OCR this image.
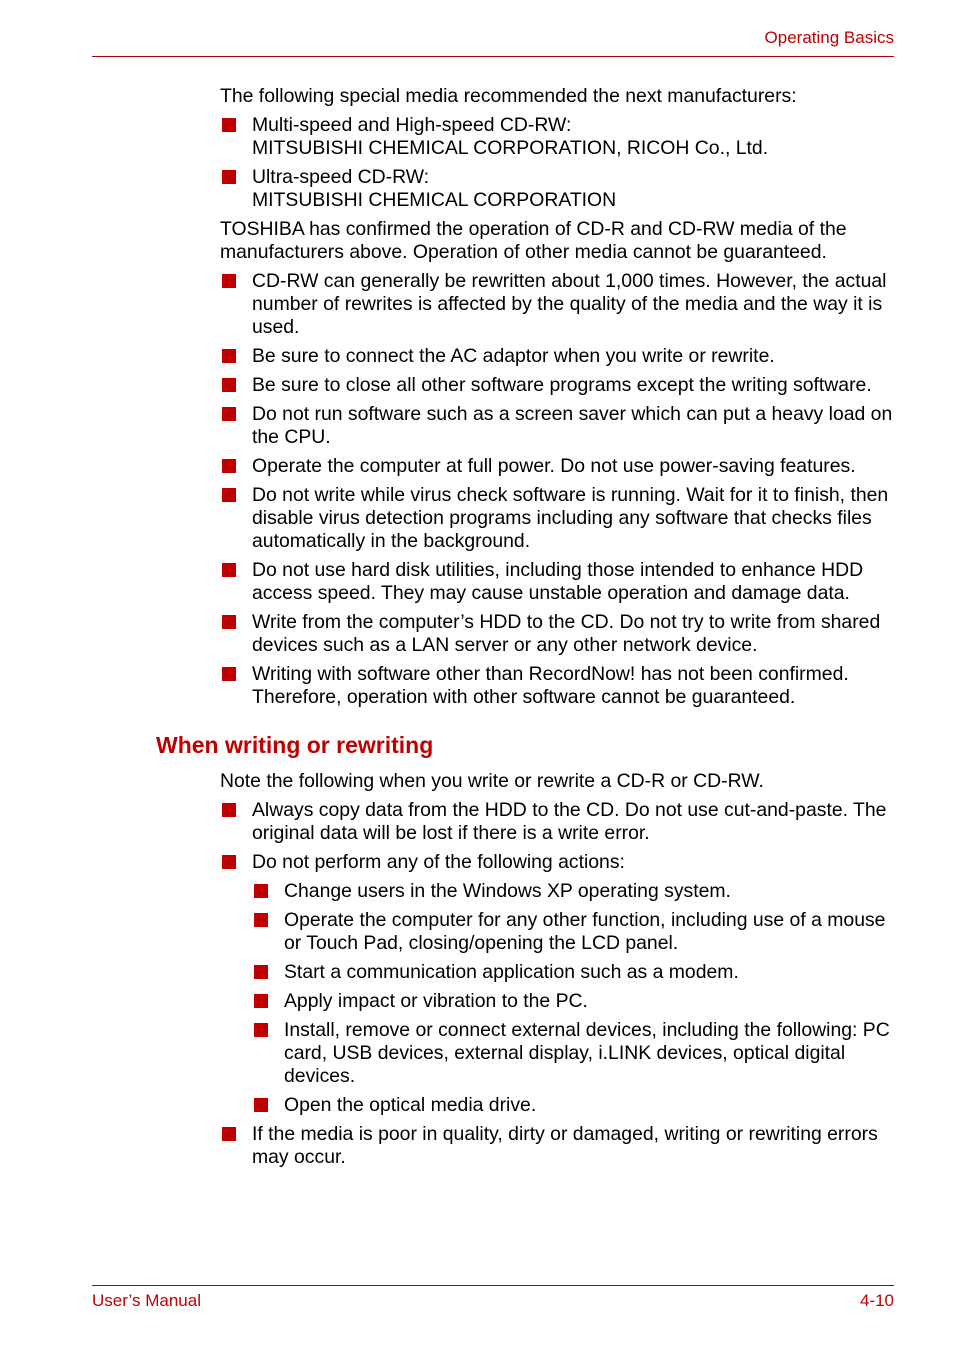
Operating Basics

The following special media recommended the next manufacturers:

Multi-speed and High-speed CD-RW:
MITSUBISHI CHEMICAL CORPORATION, RICOH Co., Ltd.
Ultra-speed CD-RW:
MITSUBISHI CHEMICAL CORPORATION

TOSHIBA has confirmed the operation of CD-R and CD-RW media of the manufacturers above. Operation of other media cannot be guaranteed.

CD-RW can generally be rewritten about 1,000 times. However, the actual number of rewrites is affected by the quality of the media and the way it is used.
Be sure to connect the AC adaptor when you write or rewrite.
Be sure to close all other software programs except the writing software.
Do not run software such as a screen saver which can put a heavy load on the CPU.
Operate the computer at full power. Do not use power-saving features.
Do not write while virus check software is running. Wait for it to finish, then disable virus detection programs including any software that checks files automatically in the background.
Do not use hard disk utilities, including those intended to enhance HDD access speed. They may cause unstable operation and damage data.
Write from the computer’s HDD to the CD. Do not try to write from shared devices such as a LAN server or any other network device.
Writing with software other than RecordNow! has not been confirmed. Therefore, operation with other software cannot be guaranteed.
When writing or rewriting

Note the following when you write or rewrite a CD-R or CD-RW.

Always copy data from the HDD to the CD. Do not use cut-and-paste. The original data will be lost if there is a write error.
Do not perform any of the following actions:
Change users in the Windows XP operating system.
Operate the computer for any other function, including use of a mouse or Touch Pad, closing/opening the LCD panel.
Start a communication application such as a modem.
Apply impact or vibration to the PC.
Install, remove or connect external devices, including the following: PC card, USB devices, external display, i.LINK devices, optical digital devices.
Open the optical media drive.
If the media is poor in quality, dirty or damaged, writing or rewriting errors may occur.
User’s Manual	4-10
